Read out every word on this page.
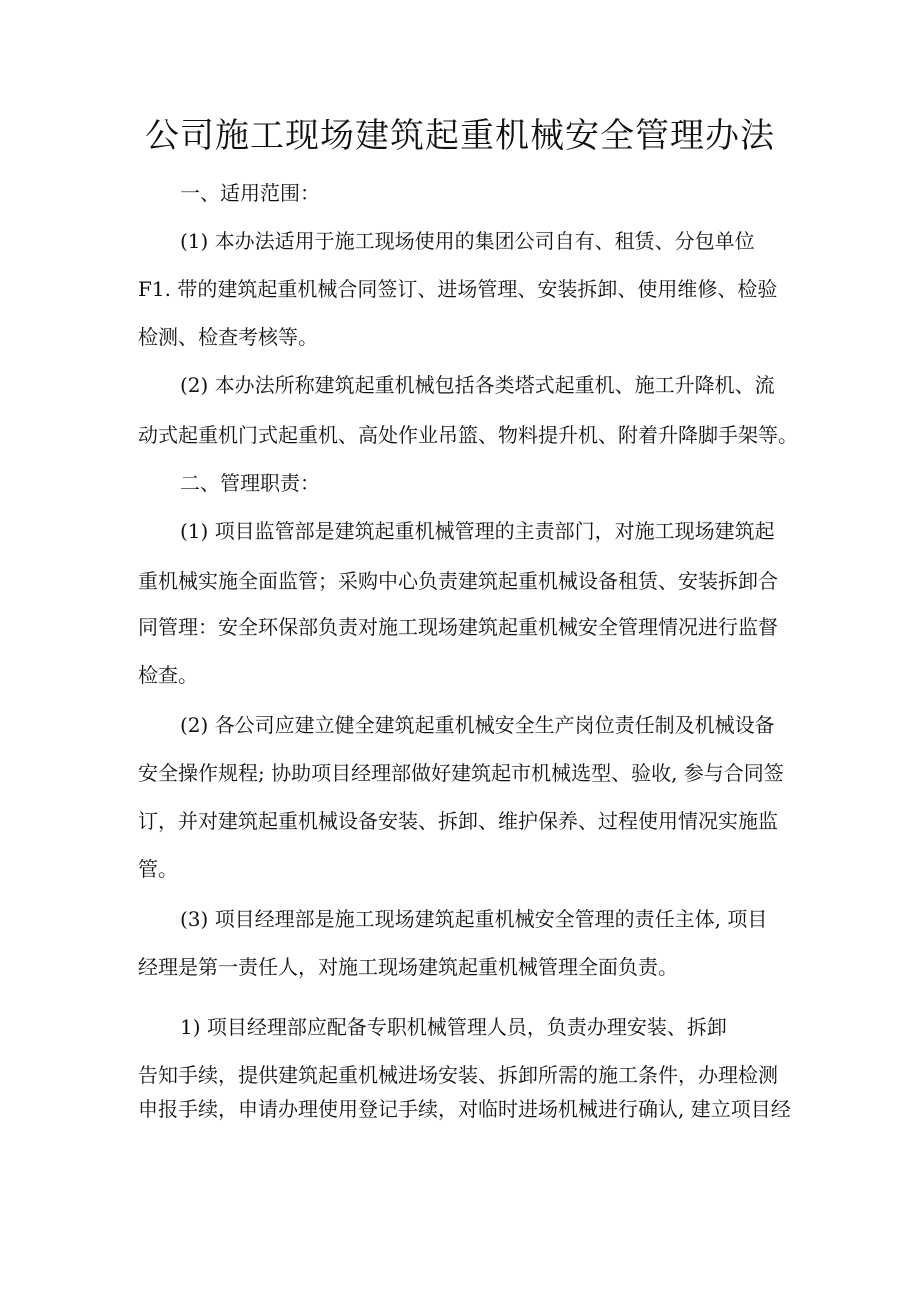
公司施工现场建筑起重机械安全管理办法

一、适用范围：

(1) 本办法适用于施工现场使用的集团公司自有、租赁、分包单位

F1. 带的建筑起重机械合同签订、进场管理、安装拆卸、使用维修、检验

检测、检查考核等。

(2) 本办法所称建筑起重机械包括各类塔式起重机、施工升降机、流

动式起重机门式起重机、高处作业吊篮、物料提升机、附着升降脚手架等。

二、管理职责：

(1) 项目监管部是建筑起重机械管理的主责部门，对施工现场建筑起

重机械实施全面监管；采购中心负责建筑起重机械设备租赁、安装拆卸合

同管理：安全环保部负责对施工现场建筑起重机械安全管理情况进行监督

检查。

(2) 各公司应建立健全建筑起重机械安全生产岗位责任制及机械设备

安全操作规程; 协助项目经理部做好建筑起市机械选型、验收, 参与合同签

订，并对建筑起重机械设备安装、拆卸、维护保养、过程使用情况实施监

管。

(3) 项目经理部是施工现场建筑起重机械安全管理的责任主体, 项目

经理是第一责任人，对施工现场建筑起重机械管理全面负责。

1) 项目经理部应配备专职机械管理人员，负责办理安装、拆卸

告知手续，提供建筑起重机械进场安装、拆卸所需的施工条件，办理检测

申报手续，申请办理使用登记手续，对临时进场机械进行确认, 建立项目经
